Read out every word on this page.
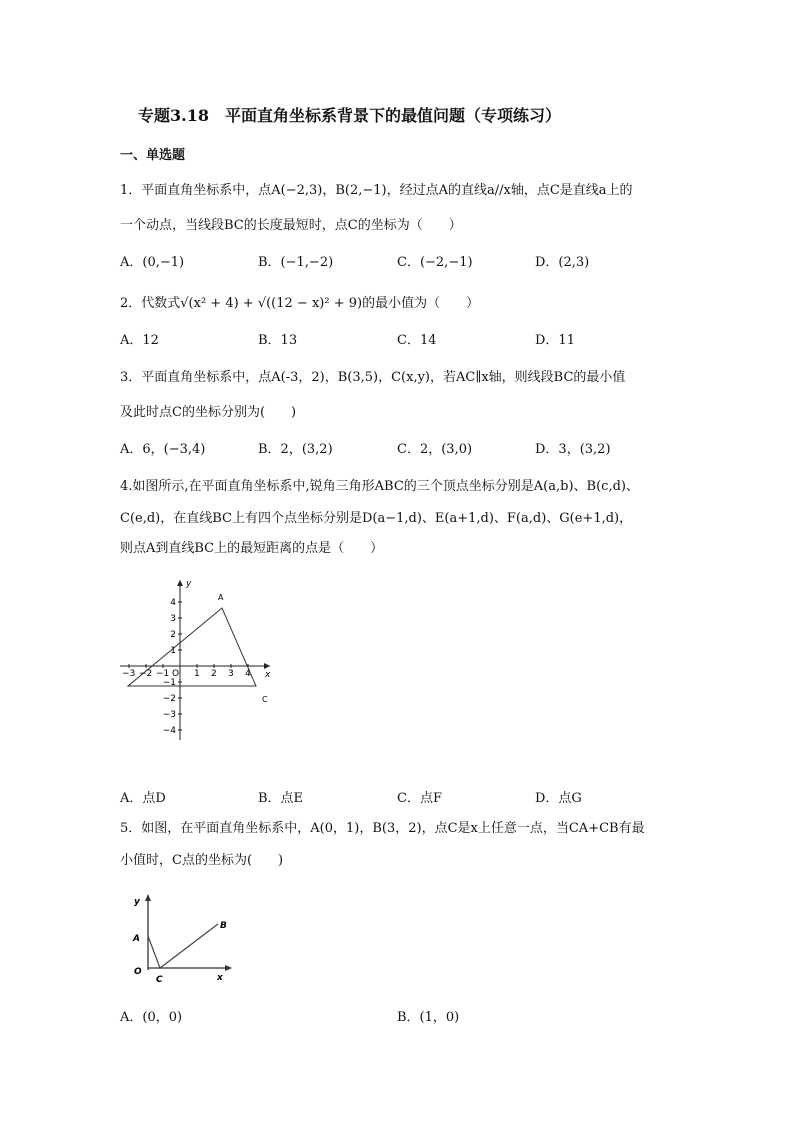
专题3.18　平面直角坐标系背景下的最值问题（专项练习）
一、单选题
1．平面直角坐标系中，点A(−2,3)，B(2,−1)，经过点A的直线a//x轴，点C是直线a上的
一个动点，当线段BC的长度最短时，点C的坐标为（　　）
A．(0,−1)	B．(−1,−2)	C．(−2,−1)	D．(2,3)
2．代数式√(x² + 4) + √((12 − x)² + 9)的最小值为（　　）
A．12	B．13	C．14	D．11
3．平面直角坐标系中，点A(-3，2)，B(3,5)，C(x,y)，若AC∥x轴，则线段BC的最小值
及此时点C的坐标分别为(　　)
A．6，(−3,4)	B．2，(3,2)	C．2，(3,0)	D．3，(3,2)
4.如图所示,在平面直角坐标系中,锐角三角形ABC的三个顶点坐标分别是A(a,b)、B(c,d)、
C(e,d)，在直线BC上有四个点坐标分别是D(a−1,d)、E(a+1,d)、F(a,d)、G(e+1,d)，
则点A到直线BC上的最短距离的点是（　　）
y
x
O
A
C
−3 −2 −1	1 2 3 4
4
3
2
1
−1
−2
−3
−4
A．点D	B．点E	C．点F	D．点G
5．如图，在平面直角坐标系中，A(0，1)，B(3，2)，点C是x上任意一点，当CA+CB有最
小值时，C点的坐标为(　　)
y
A
O
C
B
x
A．(0，0)	B．(1，0)
